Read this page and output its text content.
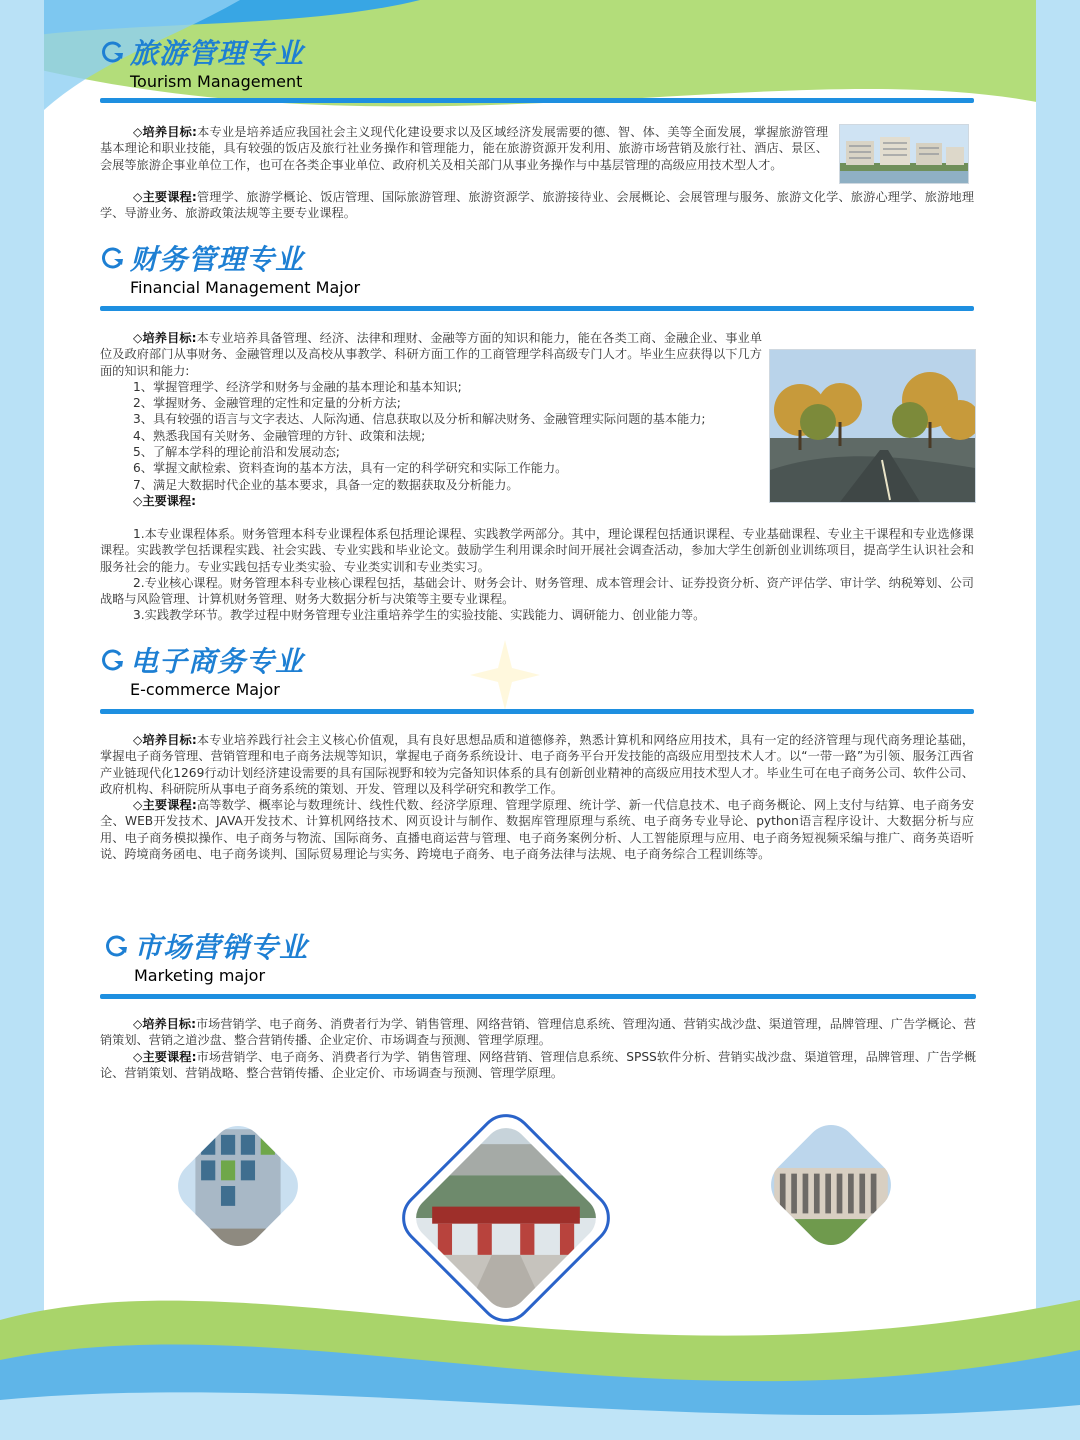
旅游管理专业
Tourism Management

◇培养目标:本专业是培养适应我国社会主义现代化建设要求以及区域经济发展需要的德、智、体、美等全面发展，掌握旅游管理基本理论和职业技能，具有较强的饭店及旅行社业务操作和管理能力，能在旅游资源开发利用、旅游市场营销及旅行社、酒店、景区、会展等旅游企事业单位工作，也可在各类企事业单位、政府机关及相关部门从事业务操作与中基层管理的高级应用技术型人才。

◇主要课程:管理学、旅游学概论、饭店管理、国际旅游管理、旅游资源学、旅游接待业、会展概论、会展管理与服务、旅游文化学、旅游心理学、旅游地理学、导游业务、旅游政策法规等主要专业课程。

财务管理专业
Financial Management Major

◇培养目标:本专业培养具备管理、经济、法律和理财、金融等方面的知识和能力，能在各类工商、金融企业、事业单位及政府部门从事财务、金融管理以及高校从事教学、科研方面工作的工商管理学科高级专门人才。毕业生应获得以下几方面的知识和能力:

1、掌握管理学、经济学和财务与金融的基本理论和基本知识;

2、掌握财务、金融管理的定性和定量的分析方法;

3、具有较强的语言与文字表达、人际沟通、信息获取以及分析和解决财务、金融管理实际问题的基本能力;

4、熟悉我国有关财务、金融管理的方针、政策和法规;

5、了解本学科的理论前沿和发展动态;

6、掌握文献检索、资料查询的基本方法，具有一定的科学研究和实际工作能力。

7、满足大数据时代企业的基本要求，具备一定的数据获取及分析能力。

◇主要课程:

1.本专业课程体系。财务管理本科专业课程体系包括理论课程、实践教学两部分。其中，理论课程包括通识课程、专业基础课程、专业主干课程和专业选修课课程。实践教学包括课程实践、社会实践、专业实践和毕业论文。鼓励学生利用课余时间开展社会调查活动，参加大学生创新创业训练项目，提高学生认识社会和服务社会的能力。专业实践包括专业类实验、专业类实训和专业类实习。

2.专业核心课程。财务管理本科专业核心课程包括，基础会计、财务会计、财务管理、成本管理会计、证券投资分析、资产评估学、审计学、纳税筹划、公司战略与风险管理、计算机财务管理、财务大数据分析与决策等主要专业课程。

3.实践教学环节。教学过程中财务管理专业注重培养学生的实验技能、实践能力、调研能力、创业能力等。

电子商务专业
E-commerce Major

◇培养目标:本专业培养践行社会主义核心价值观，具有良好思想品质和道德修养，熟悉计算机和网络应用技术，具有一定的经济管理与现代商务理论基础，掌握电子商务管理、营销管理和电子商务法规等知识，掌握电子商务系统设计、电子商务平台开发技能的高级应用型技术人才。以“一带一路”为引领、服务江西省产业链现代化1269行动计划经济建设需要的具有国际视野和较为完备知识体系的具有创新创业精神的高级应用技术型人才。毕业生可在电子商务公司、软件公司、政府机构、科研院所从事电子商务系统的策划、开发、管理以及科学研究和教学工作。

◇主要课程:高等数学、概率论与数理统计、线性代数、经济学原理、管理学原理、统计学、新一代信息技术、电子商务概论、网上支付与结算、电子商务安全、WEB开发技术、JAVA开发技术、计算机网络技术、网页设计与制作、数据库管理原理与系统、电子商务专业导论、python语言程序设计、大数据分析与应用、电子商务模拟操作、电子商务与物流、国际商务、直播电商运营与管理、电子商务案例分析、人工智能原理与应用、电子商务短视频采编与推广、商务英语听说、跨境商务函电、电子商务谈判、国际贸易理论与实务、跨境电子商务、电子商务法律与法规、电子商务综合工程训练等。

市场营销专业
Marketing major

◇培养目标:市场营销学、电子商务、消费者行为学、销售管理、网络营销、管理信息系统、管理沟通、营销实战沙盘、渠道管理，品牌管理、广告学概论、营销策划、营销之道沙盘、整合营销传播、企业定价、市场调查与预测、管理学原理。

◇主要课程:市场营销学、电子商务、消费者行为学、销售管理、网络营销、管理信息系统、SPSS软件分析、营销实战沙盘、渠道管理，品牌管理、广告学概论、营销策划、营销战略、整合营销传播、企业定价、市场调查与预测、管理学原理。
